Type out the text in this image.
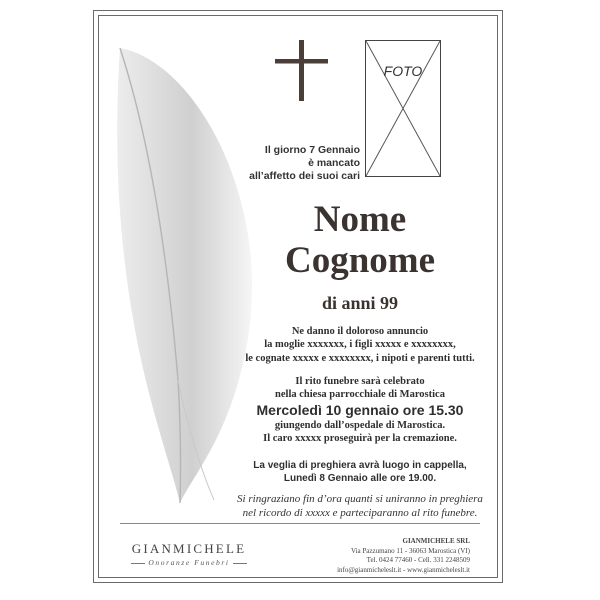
FOTO
Il giorno 7 Gennaio
è mancato
all’affetto dei suoi cari
Nome
Cognome
di anni 99
Ne danno il doloroso annuncio
la moglie xxxxxxx, i figli xxxxx e xxxxxxxx,
le cognate xxxxx e xxxxxxxx, i nipoti e parenti tutti.
Il rito funebre sarà celebrato
nella chiesa parrocchiale di Marostica
Mercoledì 10 gennaio ore 15.30
giungendo dall’ospedale di Marostica.
Il caro xxxxx proseguirà per la cremazione.
La veglia di preghiera avrà luogo in cappella,
Lunedì 8 Gennaio alle ore 19.00.
Si ringraziano fin d’ora quanti si uniranno in preghiera
nel ricordo di xxxxx e parteciparanno al rito funebre.
GIANMICHELE
Onoranze Funebri
GIANMICHELE SRL
Via Pazzumano 11 - 36063 Marostica (VI)
Tel. 0424 77460 - Cell. 331 2248509
info@gianmicheleslt.it - www.gianmicheleslt.it
